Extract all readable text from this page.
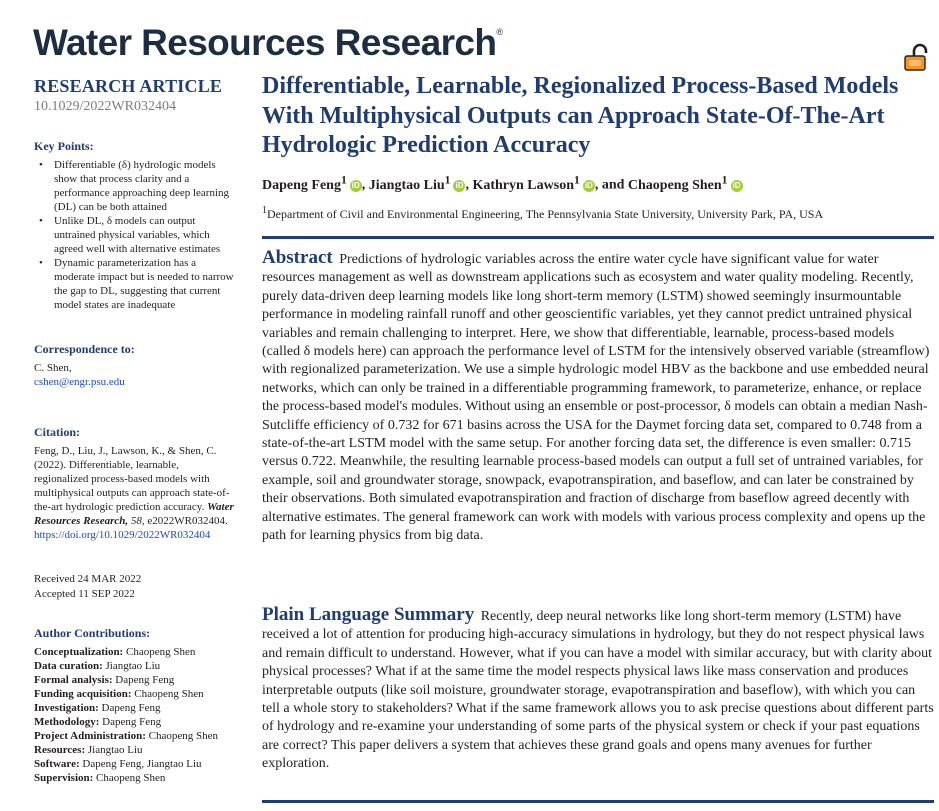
Water Resources Research®

RESEARCH ARTICLE

10.1029/2022WR032404

Key Points:

• Differentiable (δ) hydrologic models show that process clarity and a performance approaching deep learning (DL) can be both attained
• Unlike DL, δ models can output untrained physical variables, which agreed well with alternative estimates
• Dynamic parameterization has a moderate impact but is needed to narrow the gap to DL, suggesting that current model states are inadequate

Correspondence to:

C. Shen,
cshen@engr.psu.edu

Citation:

Feng, D., Liu, J., Lawson, K., & Shen, C. (2022). Differentiable, learnable, regionalized process-based models with multiphysical outputs can approach state-of-the-art hydrologic prediction accuracy. Water Resources Research, 58, e2022WR032404. https://doi.org/10.1029/2022WR032404
Received 24 MAR 2022
Accepted 11 SEP 2022

Author Contributions:

Conceptualization: Chaopeng Shen
Data curation: Jiangtao Liu
Formal analysis: Dapeng Feng
Funding acquisition: Chaopeng Shen
Investigation: Dapeng Feng
Methodology: Dapeng Feng
Project Administration: Chaopeng Shen
Resources: Jiangtao Liu
Software: Dapeng Feng, Jiangtao Liu
Supervision: Chaopeng Shen
Differentiable, Learnable, Regionalized Process-Based Models With Multiphysical Outputs can Approach State-Of-The-Art Hydrologic Prediction Accuracy
Dapeng Feng$^1$ iD , Jiangtao Liu$^1$ iD , Kathryn Lawson$^1$ iD , and Chaopeng Shen$^1$ iD
$^1$Department of Civil and Environmental Engineering, The Pennsylvania State University, University Park, PA, USA

Abstract Predictions of hydrologic variables across the entire water cycle have significant value for water resources management as well as downstream applications such as ecosystem and water quality modeling. Recently, purely data-driven deep learning models like long short-term memory (LSTM) showed seemingly insurmountable performance in modeling rainfall runoff and other geoscientific variables, yet they cannot predict untrained physical variables and remain challenging to interpret. Here, we show that differentiable, learnable, process-based models (called δ models here) can approach the performance level of LSTM for the intensively observed variable (streamflow) with regionalized parameterization. We use a simple hydrologic model HBV as the backbone and use embedded neural networks, which can only be trained in a differentiable programming framework, to parameterize, enhance, or replace the process-based model's modules. Without using an ensemble or post-processor, δ models can obtain a median Nash-Sutcliffe efficiency of 0.732 for 671 basins across the USA for the Daymet forcing data set, compared to 0.748 from a state-of-the-art LSTM model with the same setup. For another forcing data set, the difference is even smaller: 0.715 versus 0.722. Meanwhile, the resulting learnable process-based models can output a full set of untrained variables, for example, soil and groundwater storage, snowpack, evapotranspiration, and baseflow, and can later be constrained by their observations. Both simulated evapotranspiration and fraction of discharge from baseflow agreed decently with alternative estimates. The general framework can work with models with various process complexity and opens up the path for learning physics from big data.

Plain Language Summary Recently, deep neural networks like long short-term memory (LSTM) have received a lot of attention for producing high-accuracy simulations in hydrology, but they do not respect physical laws and remain difficult to understand. However, what if you can have a model with similar accuracy, but with clarity about physical processes? What if at the same time the model respects physical laws like mass conservation and produces interpretable outputs (like soil moisture, groundwater storage, evapotranspiration and baseflow), with which you can tell a whole story to stakeholders? What if the same framework allows you to ask precise questions about different parts of hydrology and re-examine your understanding of some parts of the physical system or check if your past equations are correct? This paper delivers a system that achieves these grand goals and opens many avenues for further exploration.
